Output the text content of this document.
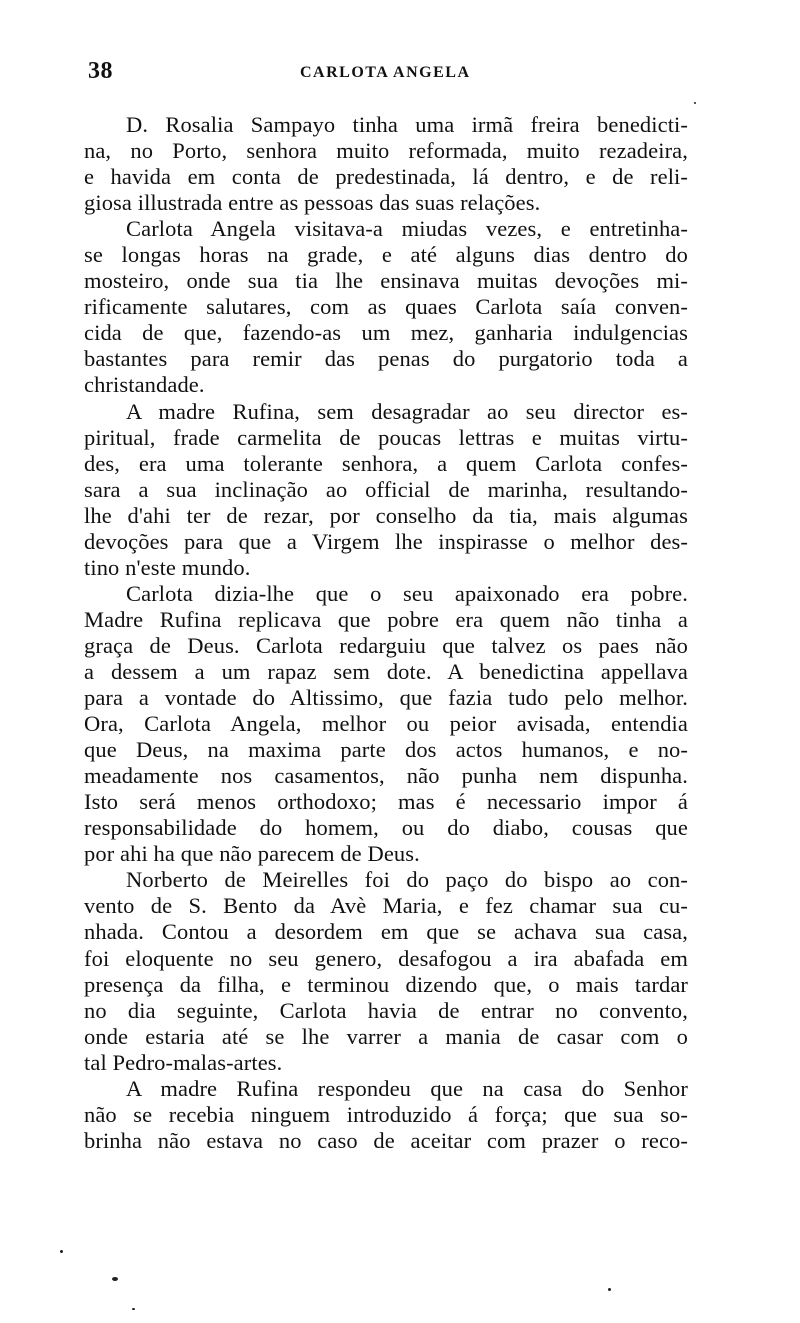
38	CARLOTA ANGELA
D. Rosalia Sampayo tinha uma irmã freira benedicti-
na, no Porto, senhora muito reformada, muito rezadeira,
e havida em conta de predestinada, lá dentro, e de reli-
giosa illustrada entre as pessoas das suas relações.
Carlota Angela visitava-a miudas vezes, e entretinha-
se longas horas na grade, e até alguns dias dentro do
mosteiro, onde sua tia lhe ensinava muitas devoções mi-
rificamente salutares, com as quaes Carlota saía conven-
cida de que, fazendo-as um mez, ganharia indulgencias
bastantes para remir das penas do purgatorio toda a
christandade.
A madre Rufina, sem desagradar ao seu director es-
piritual, frade carmelita de poucas lettras e muitas virtu-
des, era uma tolerante senhora, a quem Carlota confes-
sara a sua inclinação ao official de marinha, resultando-
lhe d'ahi ter de rezar, por conselho da tia, mais algumas
devoções para que a Virgem lhe inspirasse o melhor des-
tino n'este mundo.
Carlota dizia-lhe que o seu apaixonado era pobre.
Madre Rufina replicava que pobre era quem não tinha a
graça de Deus. Carlota redarguiu que talvez os paes não
a dessem a um rapaz sem dote. A benedictina appellava
para a vontade do Altissimo, que fazia tudo pelo melhor.
Ora, Carlota Angela, melhor ou peior avisada, entendia
que Deus, na maxima parte dos actos humanos, e no-
meadamente nos casamentos, não punha nem dispunha.
Isto será menos orthodoxo; mas é necessario impor á
responsabilidade do homem, ou do diabo, cousas que
por ahi ha que não parecem de Deus.
Norberto de Meirelles foi do paço do bispo ao con-
vento de S. Bento da Avè Maria, e fez chamar sua cu-
nhada. Contou a desordem em que se achava sua casa,
foi eloquente no seu genero, desafogou a ira abafada em
presença da filha, e terminou dizendo que, o mais tardar
no dia seguinte, Carlota havia de entrar no convento,
onde estaria até se lhe varrer a mania de casar com o
tal Pedro-malas-artes.
A madre Rufina respondeu que na casa do Senhor
não se recebia ninguem introduzido á força; que sua so-
brinha não estava no caso de aceitar com prazer o reco-
